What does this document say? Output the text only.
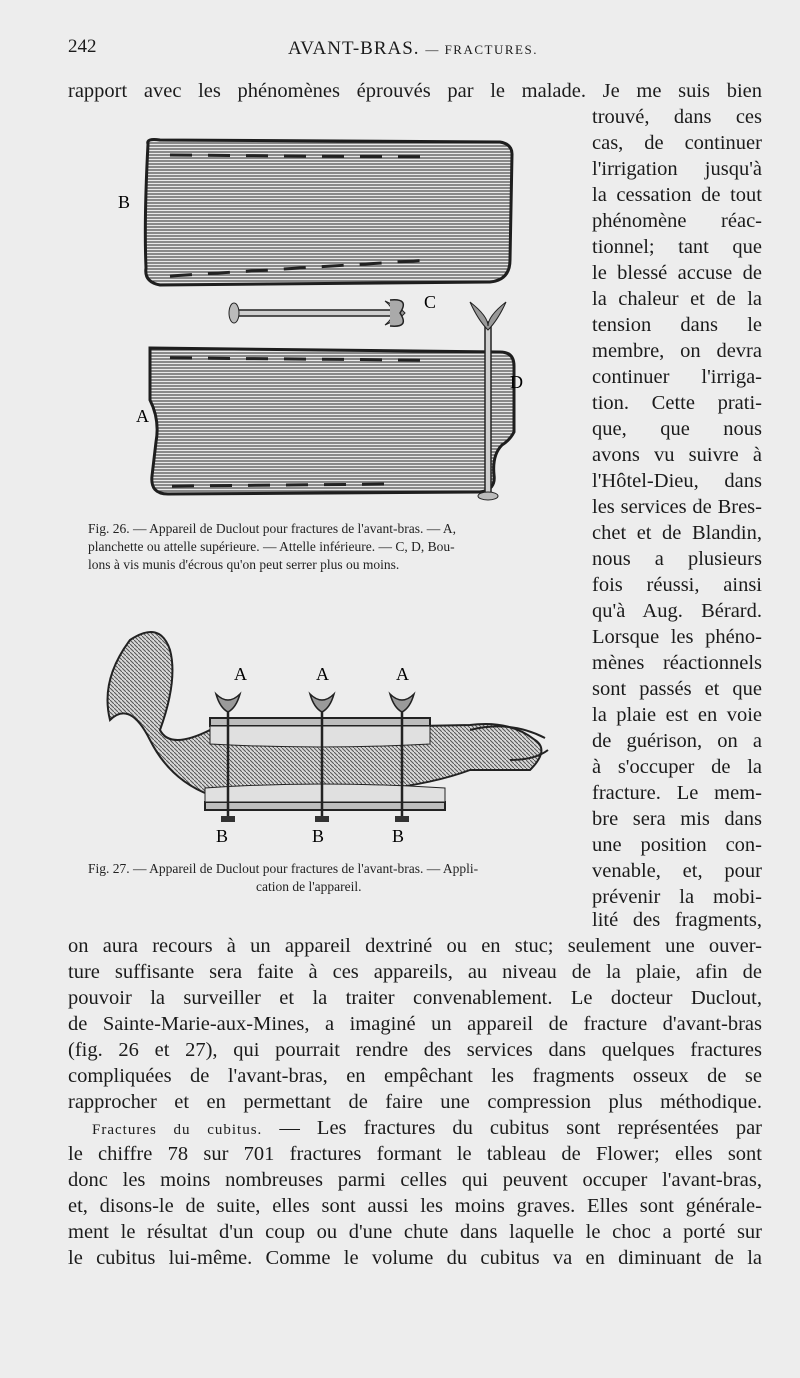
242	AVANT-BRAS. — FRACTURES.
rapport avec les phénomènes éprouvés par le malade. Je me suis bien
trouvé, dans ces
cas, de continuer
l'irrigation jusqu'à
la cessation de tout
phénomène réac-
tionnel; tant que
le blessé accuse de
la chaleur et de la
tension dans le
membre, on devra
continuer l'irriga-
tion. Cette prati-
que, que nous
avons vu suivre à
l'Hôtel-Dieu, dans
les services de Bres-
chet et de Blandin,
nous a plusieurs
fois réussi, ainsi
qu'à Aug. Bérard.
Lorsque les phéno-
mènes réactionnels
sont passés et que
la plaie est en voie
de guérison, on a
à s'occuper de la
fracture. Le mem-
bre sera mis dans
une position con-
venable, et, pour
prévenir la mobi-
lité des fragments,
B
C
A
D
Fig. 26. — Appareil de Duclout pour fractures de l'avant-bras. — A,
planchette ou attelle supérieure. — Attelle inférieure. — C, D, Bou-
lons à vis munis d'écrous qu'on peut serrer plus ou moins.
A	A	A
B	B	B
Fig. 27. — Appareil de Duclout pour fractures de l'avant-bras. — Appli-
cation de l'appareil.
on aura recours à un appareil dextriné ou en stuc; seulement une ouver-
ture suffisante sera faite à ces appareils, au niveau de la plaie, afin de
pouvoir la surveiller et la traiter convenablement. Le docteur Duclout,
de Sainte-Marie-aux-Mines, a imaginé un appareil de fracture d'avant-bras
(fig. 26 et 27), qui pourrait rendre des services dans quelques fractures
compliquées de l'avant-bras, en empêchant les fragments osseux de se
rapprocher et en permettant de faire une compression plus méthodique.
Fractures du cubitus. — Les fractures du cubitus sont représentées par
le chiffre 78 sur 701 fractures formant le tableau de Flower; elles sont
donc les moins nombreuses parmi celles qui peuvent occuper l'avant-bras,
et, disons-le de suite, elles sont aussi les moins graves. Elles sont générale-
ment le résultat d'un coup ou d'une chute dans laquelle le choc a porté sur
le cubitus lui-même. Comme le volume du cubitus va en diminuant de la
